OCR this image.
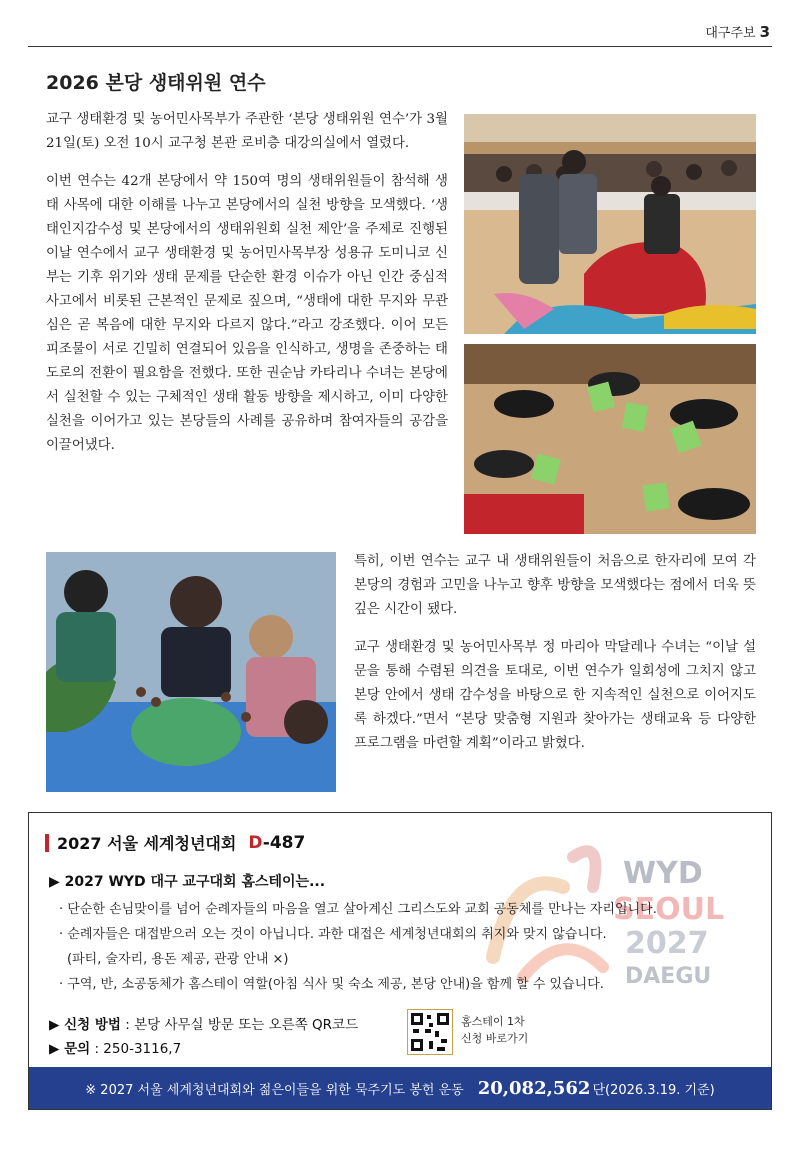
대구주보 3
2026 본당 생태위원 연수

교구 생태환경 및 농어민사목부가 주관한 ‘본당 생태위원 연수’가 3월 21일(토) 오전 10시 교구청 본관 로비층 대강의실에서 열렸다.

이번 연수는 42개 본당에서 약 150여 명의 생태위원들이 참석해 생태 사목에 대한 이해를 나누고 본당에서의 실천 방향을 모색했다. ‘생태인지감수성 및 본당에서의 생태위원회 실천 제안’을 주제로 진행된 이날 연수에서 교구 생태환경 및 농어민사목부장 성용규 도미니코 신부는 기후 위기와 생태 문제를 단순한 환경 이슈가 아닌 인간 중심적 사고에서 비롯된 근본적인 문제로 짚으며, “생태에 대한 무지와 무관심은 곧 복음에 대한 무지와 다르지 않다.”라고 강조했다. 이어 모든 피조물이 서로 긴밀히 연결되어 있음을 인식하고, 생명을 존중하는 태도로의 전환이 필요함을 전했다. 또한 권순남 카타리나 수녀는 본당에서 실천할 수 있는 구체적인 생태 활동 방향을 제시하고, 이미 다양한 실천을 이어가고 있는 본당들의 사례를 공유하며 참여자들의 공감을 이끌어냈다.

특히, 이번 연수는 교구 내 생태위원들이 처음으로 한자리에 모여 각 본당의 경험과 고민을 나누고 향후 방향을 모색했다는 점에서 더욱 뜻깊은 시간이 됐다.

교구 생태환경 및 농어민사목부 정 마리아 막달레나 수녀는 “이날 설문을 통해 수렴된 의견을 토대로, 이번 연수가 일회성에 그치지 않고 본당 안에서 생태 감수성을 바탕으로 한 지속적인 실천으로 이어지도록 하겠다.”면서 “본당 맞춤형 지원과 찾아가는 생태교육 등 다양한 프로그램을 마련할 계획”이라고 밝혔다.

WYD
SEOUL
2027
DAEGU
2027 서울 세계청년대회 D-487
▶ 2027 WYD 대구 교구대회 홈스테이는...
· 단순한 손님맞이를 넘어 순례자들의 마음을 열고 살아계신 그리스도와 교회 공동체를 만나는 자리입니다.
· 순례자들은 대접받으러 오는 것이 아닙니다. 과한 대접은 세계청년대회의 취지와 맞지 않습니다.
(파티, 술자리, 용돈 제공, 관광 안내 ×)
· 구역, 반, 소공동체가 홈스테이 역할(아침 식사 및 숙소 제공, 본당 안내)을 함께 할 수 있습니다.
▶ 신청 방법 : 본당 사무실 방문 또는 오른쪽 QR코드
▶ 문의 : 250-3116,7
홈스테이 1차
신청 바로가기
※ 2027 서울 세계청년대회와 젊은이들을 위한 묵주기도 봉헌 운동 20,082,562 단 (2026.3.19. 기준)
